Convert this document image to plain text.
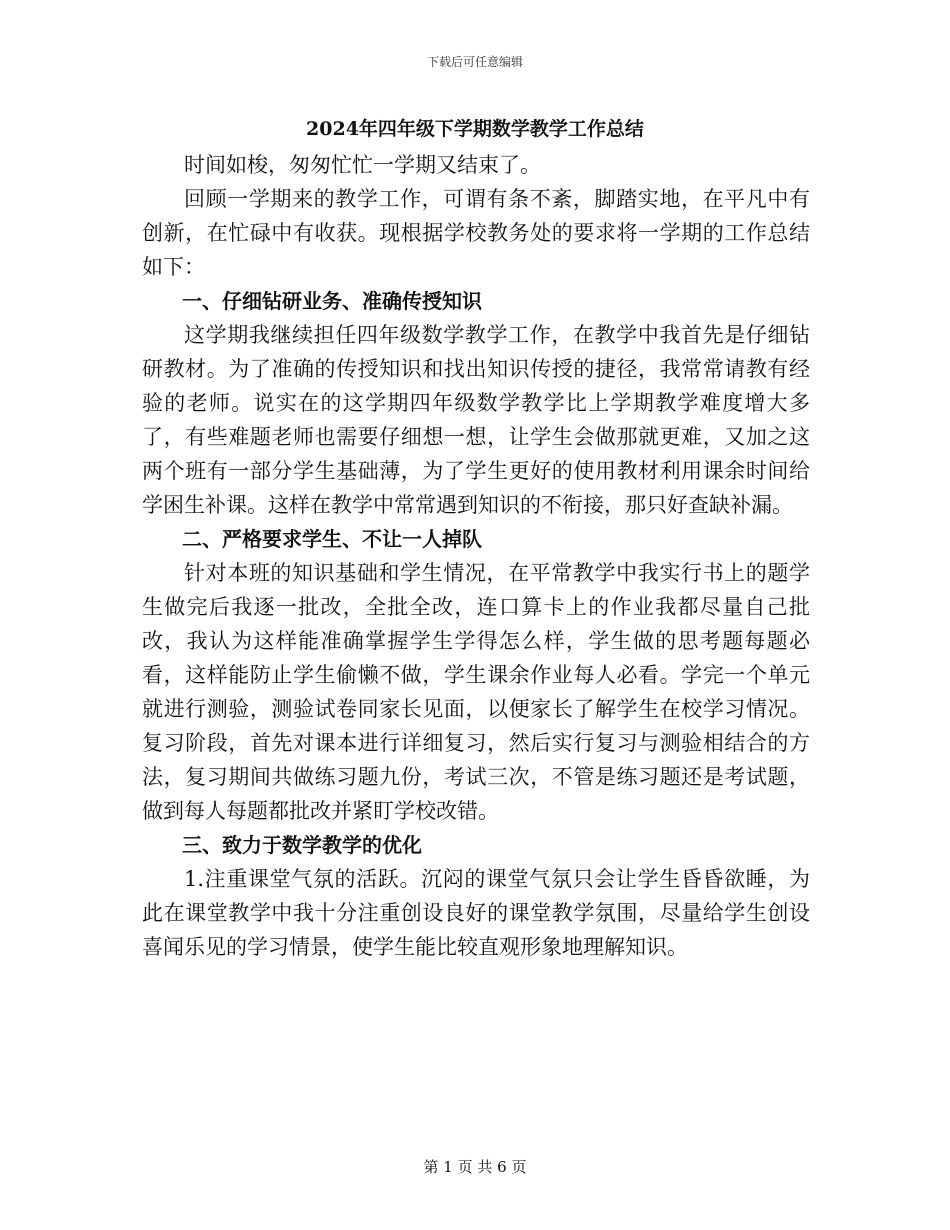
下载后可任意编辑
2024年四年级下学期数学教学工作总结

时间如梭，匆匆忙忙一学期又结束了。

回顾一学期来的教学工作，可谓有条不紊，脚踏实地，在平凡中有创新，在忙碌中有收获。现根据学校教务处的要求将一学期的工作总结如下：

一、仔细钻研业务、准确传授知识

这学期我继续担任四年级数学教学工作，在教学中我首先是仔细钻研教材。为了准确的传授知识和找出知识传授的捷径，我常常请教有经验的老师。说实在的这学期四年级数学教学比上学期教学难度增大多了，有些难题老师也需要仔细想一想，让学生会做那就更难，又加之这两个班有一部分学生基础薄，为了学生更好的使用教材利用课余时间给学困生补课。这样在教学中常常遇到知识的不衔接，那只好查缺补漏。

二、严格要求学生、不让一人掉队

针对本班的知识基础和学生情况，在平常教学中我实行书上的题学生做完后我逐一批改，全批全改，连口算卡上的作业我都尽量自己批改，我认为这样能准确掌握学生学得怎么样，学生做的思考题每题必看，这样能防止学生偷懒不做，学生课余作业每人必看。学完一个单元就进行测验，测验试卷同家长见面，以便家长了解学生在校学习情况。复习阶段，首先对课本进行详细复习，然后实行复习与测验相结合的方法，复习期间共做练习题九份，考试三次，不管是练习题还是考试题，做到每人每题都批改并紧盯学校改错。

三、致力于数学教学的优化

1.注重课堂气氛的活跃。沉闷的课堂气氛只会让学生昏昏欲睡，为此在课堂教学中我十分注重创设良好的课堂教学氛围，尽量给学生创设喜闻乐见的学习情景，使学生能比较直观形象地理解知识。

第 1 页 共 6 页
